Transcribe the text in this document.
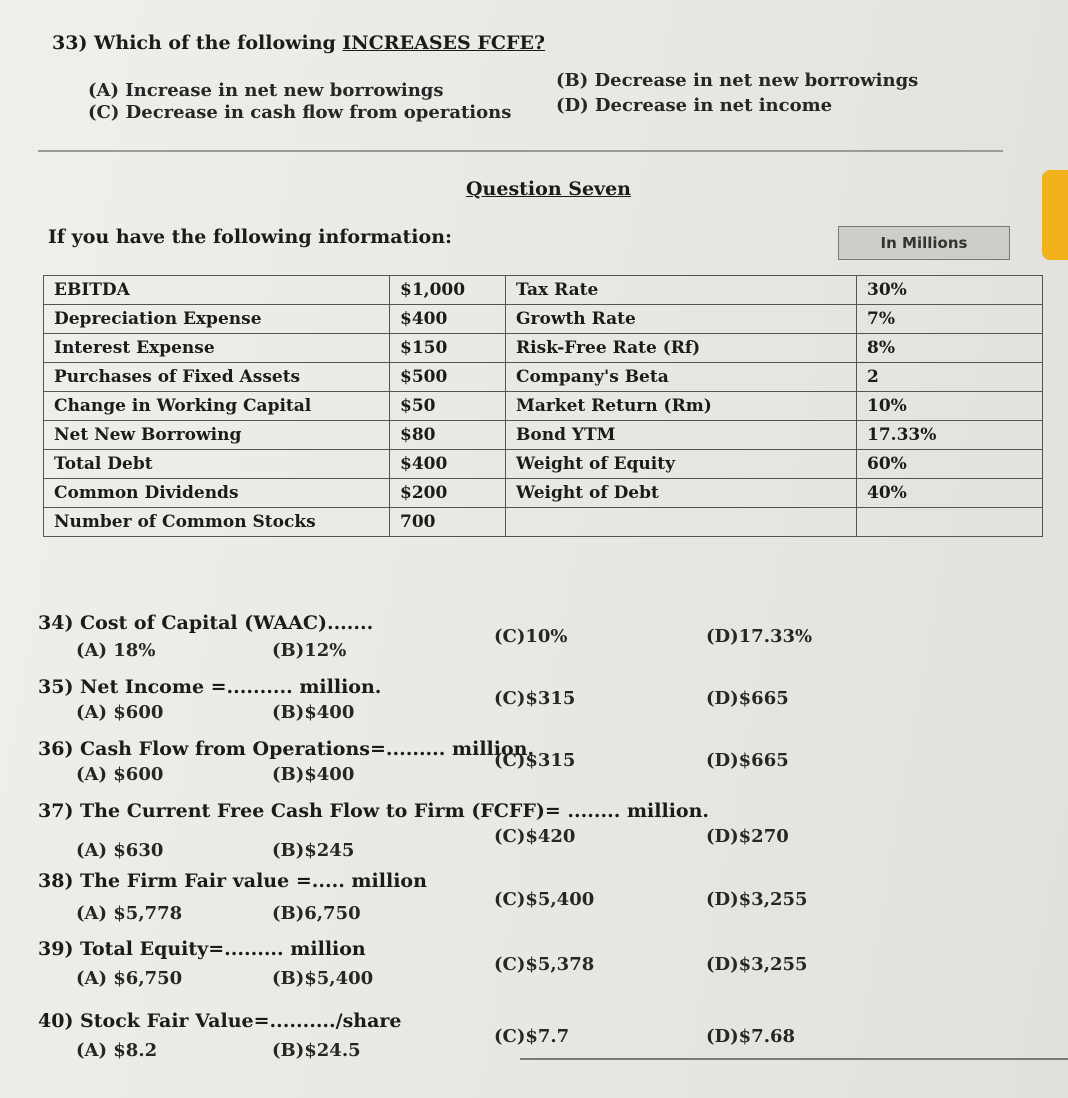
33) Which of the following INCREASES FCFE?
(A) Increase in net new borrowings
(C) Decrease in cash flow from operations
(B) Decrease in net new borrowings
(D) Decrease in net income
Question Seven
If you have the following information:	In Millions
EBITDA	$1,000	Tax Rate	30%
Depreciation Expense	$400	Growth Rate	7%
Interest Expense	$150	Risk-Free Rate (Rf)	8%
Purchases of Fixed Assets	$500	Company's Beta	2
Change in Working Capital	$50	Market Return (Rm)	10%
Net New Borrowing	$80	Bond YTM	17.33%
Total Debt	$400	Weight of Equity	60%
Common Dividends	$200	Weight of Debt	40%
Number of Common Stocks	700		
34) Cost of Capital (WAAC).......
(A) 18%	(B)12%
(C)10%	(D)17.33%
35) Net Income =.......... million.
(A) $600	(B)$400
(C)$315	(D)$665
36) Cash Flow from Operations=......... million.
(A) $600	(B)$400
(C)$315	(D)$665
37) The Current Free Cash Flow to Firm (FCFF)= ........ million.
(A) $630	(B)$245
(C)$420	(D)$270
38) The Firm Fair value =..... million
(A) $5,778	(B)6,750
(C)$5,400	(D)$3,255
39) Total Equity=......... million
(A) $6,750	(B)$5,400
(C)$5,378	(D)$3,255
40) Stock Fair Value=........../share
(A) $8.2	(B)$24.5
(C)$7.7	(D)$7.68
